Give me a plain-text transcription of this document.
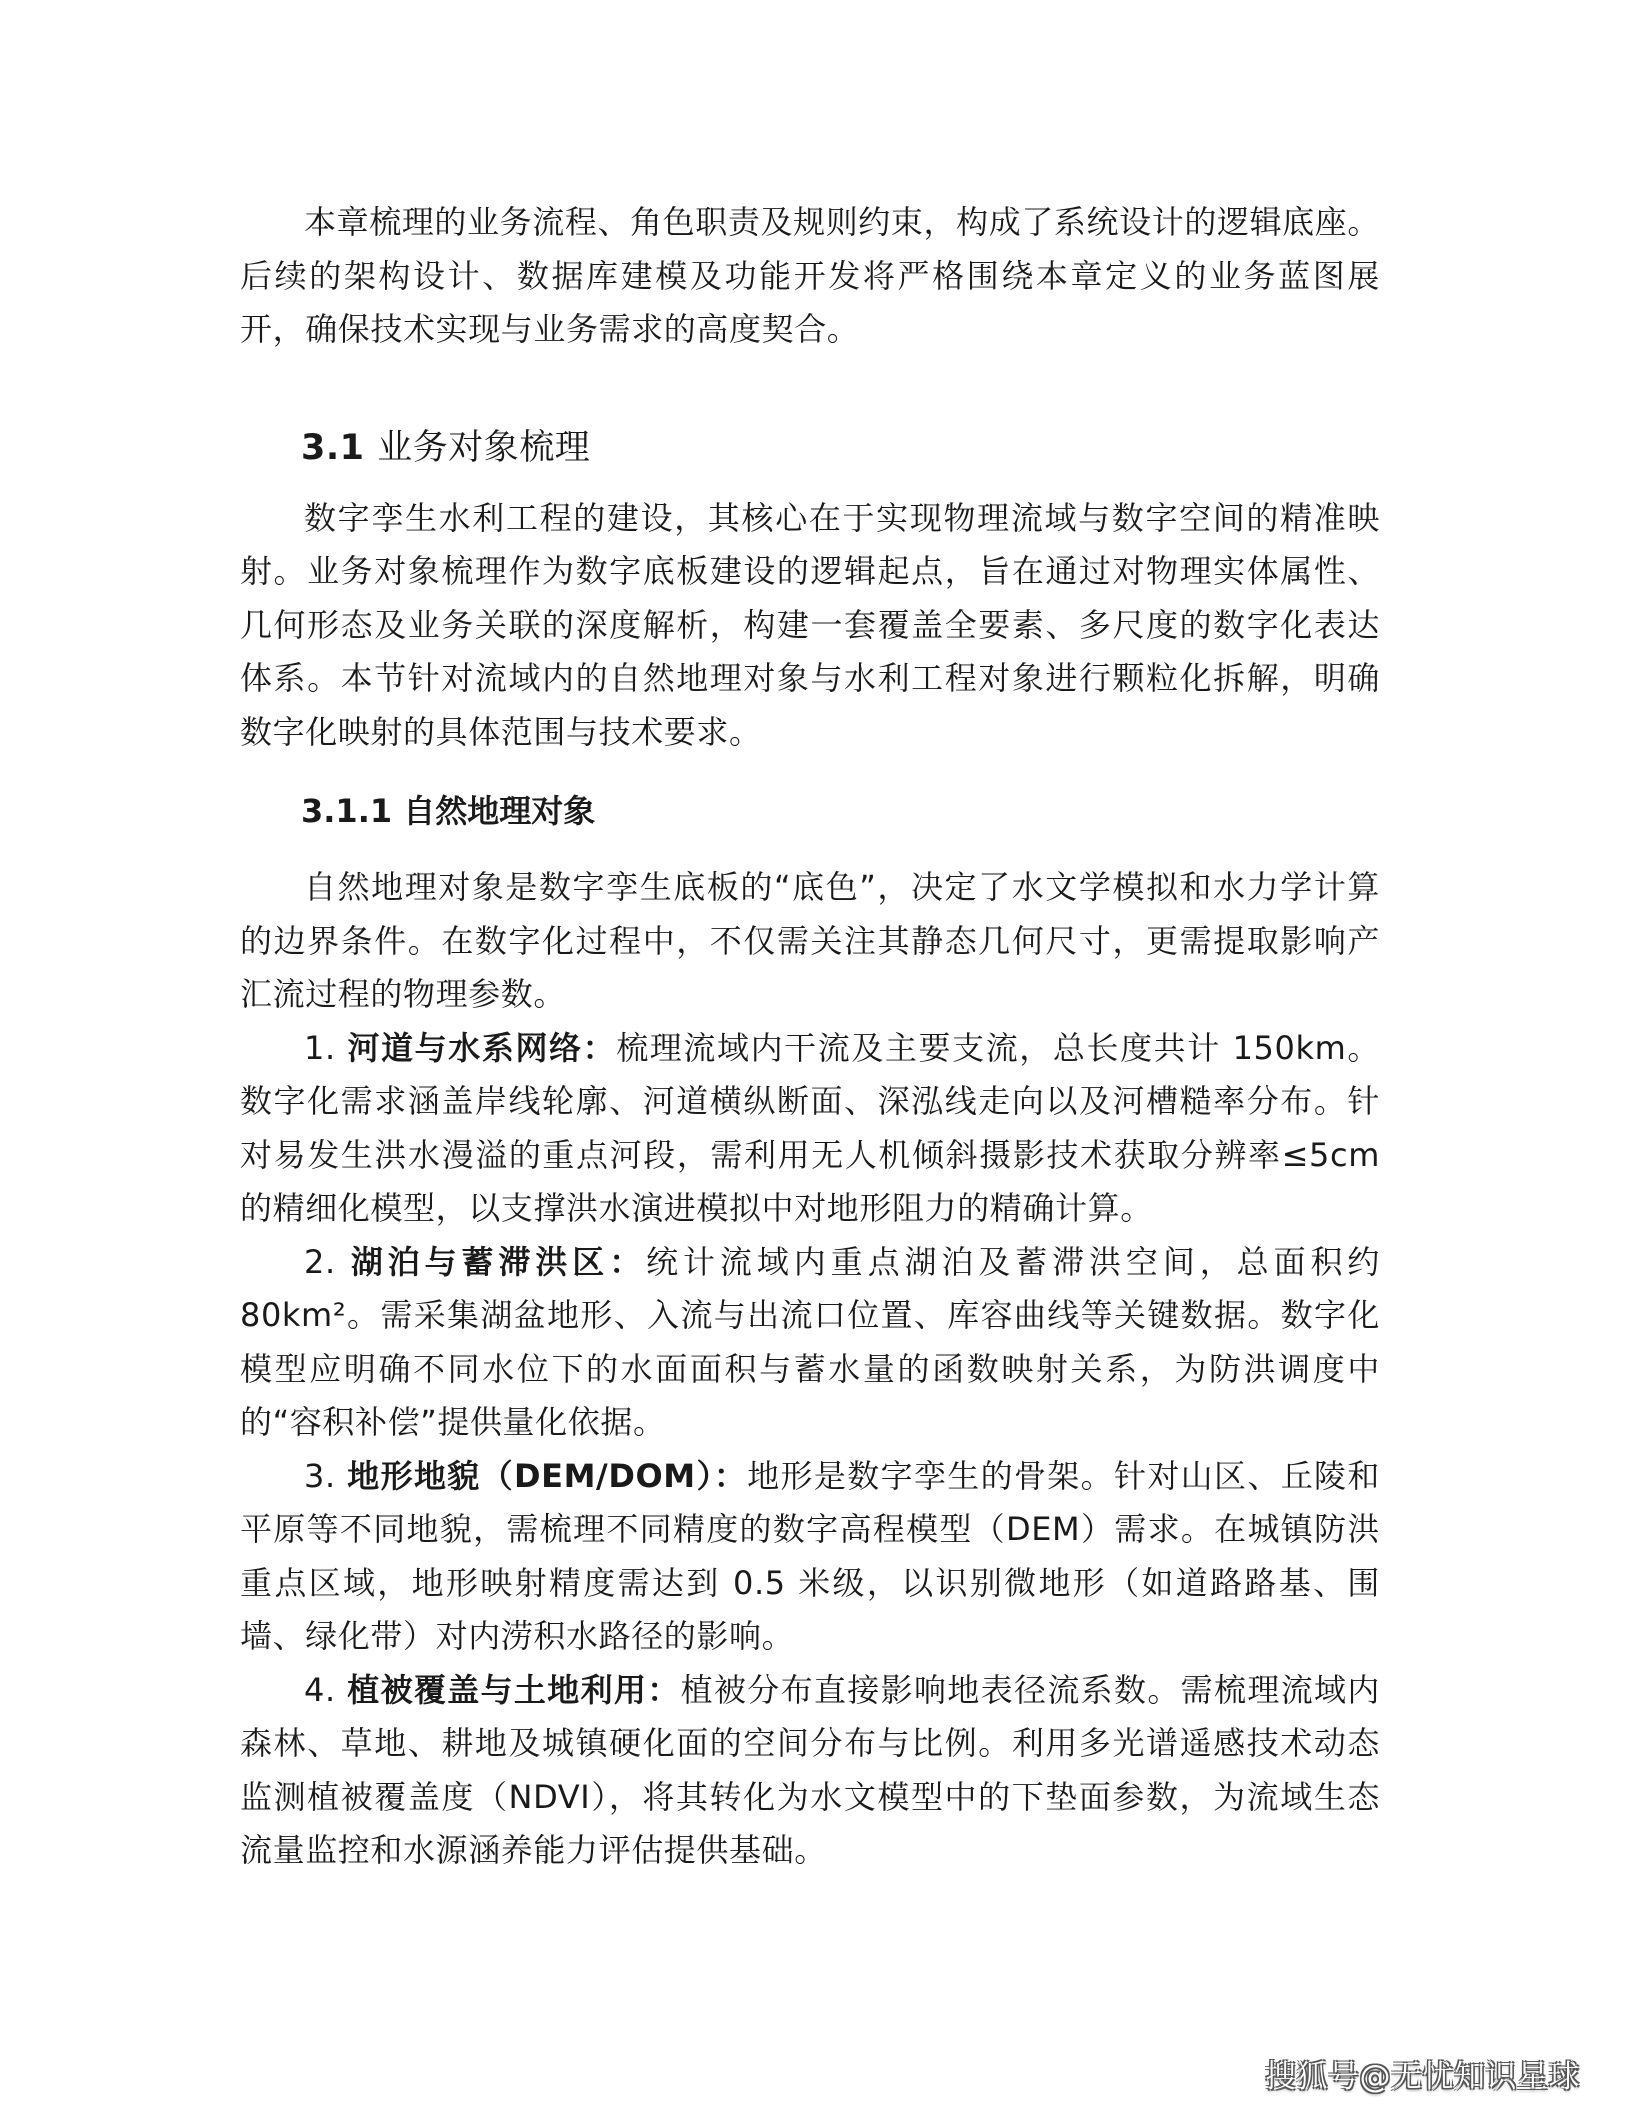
本章梳理的业务流程、角色职责及规则约束，构成了系统设计的逻辑底座。后续的架构设计、数据库建模及功能开发将严格围绕本章定义的业务蓝图展开，确保技术实现与业务需求的高度契合。

3.1 业务对象梳理

数字孪生水利工程的建设，其核心在于实现物理流域与数字空间的精准映射。业务对象梳理作为数字底板建设的逻辑起点，旨在通过对物理实体属性、几何形态及业务关联的深度解析，构建一套覆盖全要素、多尺度的数字化表达体系。本节针对流域内的自然地理对象与水利工程对象进行颗粒化拆解，明确数字化映射的具体范围与技术要求。

3.1.1 自然地理对象

自然地理对象是数字孪生底板的“底色”，决定了水文学模拟和水力学计算的边界条件。在数字化过程中，不仅需关注其静态几何尺寸，更需提取影响产汇流过程的物理参数。

1. 河道与水系网络：梳理流域内干流及主要支流，总长度共计 150km。数字化需求涵盖岸线轮廓、河道横纵断面、深泓线走向以及河槽糙率分布。针对易发生洪水漫溢的重点河段，需利用无人机倾斜摄影技术获取分辨率≤5cm 的精细化模型，以支撑洪水演进模拟中对地形阻力的精确计算。

2. 湖泊与蓄滞洪区：统计流域内重点湖泊及蓄滞洪空间，总面积约 80km²。需采集湖盆地形、入流与出流口位置、库容曲线等关键数据。数字化模型应明确不同水位下的水面面积与蓄水量的函数映射关系，为防洪调度中的“容积补偿”提供量化依据。

3. 地形地貌（DEM/DOM）：地形是数字孪生的骨架。针对山区、丘陵和平原等不同地貌，需梳理不同精度的数字高程模型（DEM）需求。在城镇防洪重点区域，地形映射精度需达到 0.5 米级，以识别微地形（如道路路基、围墙、绿化带）对内涝积水路径的影响。

4. 植被覆盖与土地利用：植被分布直接影响地表径流系数。需梳理流域内森林、草地、耕地及城镇硬化面的空间分布与比例。利用多光谱遥感技术动态监测植被覆盖度（NDVI），将其转化为水文模型中的下垫面参数，为流域生态流量监控和水源涵养能力评估提供基础。

搜狐号@无忧知识星球
